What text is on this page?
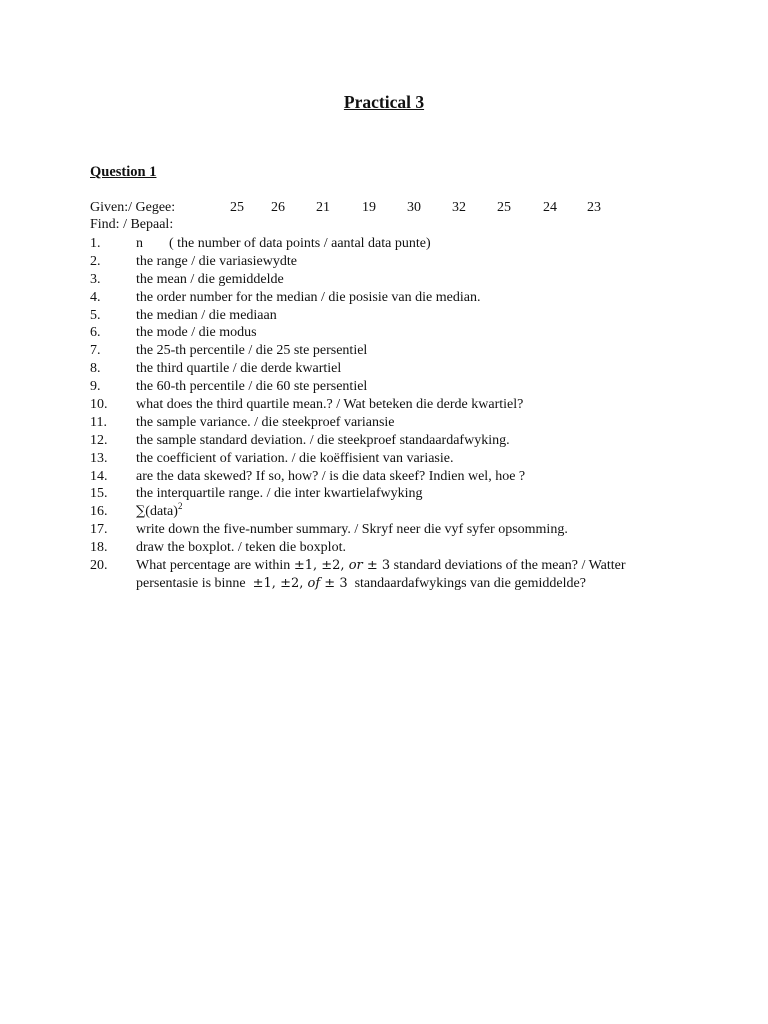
Practical 3
Question 1
Given:/ Gegee:	25	26	21	19	30	32	25	24	23
Find: / Bepaal:
1.	n ( the number of data points / aantal data punte)
2.	the range / die variasiewydte
3.	the mean / die gemiddelde
4.	the order number for the median / die posisie van die median.
5.	the median / die mediaan
6.	the mode / die modus
7.	the 25-th percentile / die 25 ste persentiel
8.	the third quartile / die derde kwartiel
9.	the 60-th percentile / die 60 ste persentiel
10. what does the third quartile mean.? / Wat beteken die derde kwartiel?
11. the sample variance. / die steekproef variansie
12. the sample standard deviation. / die steekproef standaardafwyking.
13. the coefficient of variation. / die koëffisient van variasie.
14. are the data skewed? If so, how? / is die data skeef? Indien wel, hoe ?
15. the interquartile range. / die inter kwartielafwyking
16. ∑(data)$^2$
17. write down the five-number summary. / Skryf neer die vyf syfer opsomming.
18. draw the boxplot. / teken die boxplot.
20. What percentage are within ±1, ±2, or ± 3 standard deviations of the mean? / Watter
persentasie is binne ±1, ±2, of ± 3 standaardafwykings van die gemiddelde?
